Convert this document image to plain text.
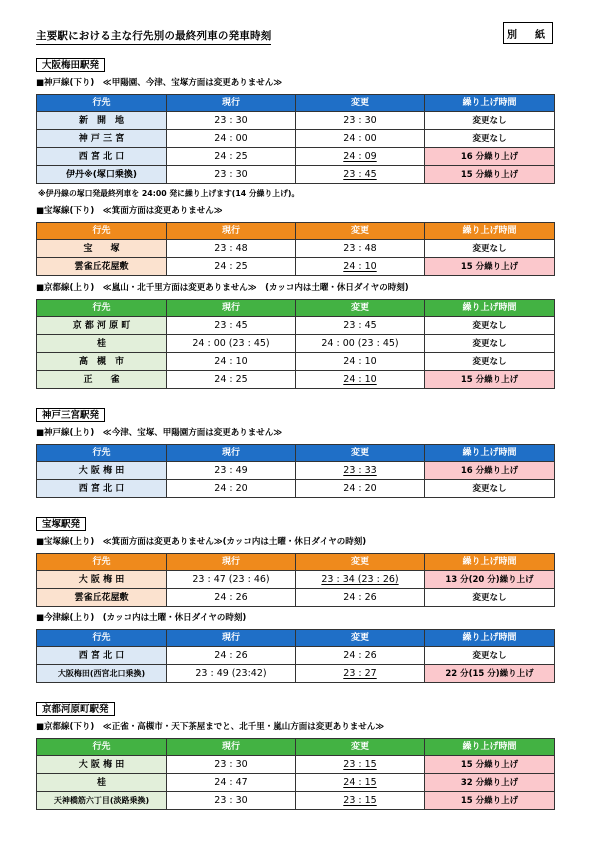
主要駅における主な行先別の最終列車の発車時刻	別　紙
大阪梅田駅発
■神戸線(下り)　≪甲陽園、今津、宝塚方面は変更ありません≫
行先	現行	変更	繰り上げ時間
新　開　地	23 : 30	23 : 30	変更なし
神 戸 三 宮	24 : 00	24 : 00	変更なし
西 宮 北 口	24 : 25	24 : 09	16 分繰り上げ
伊丹※(塚口乗換)	23 : 30	23 : 45	15 分繰り上げ
※伊丹線の塚口発最終列車を 24:00 発に繰り上げます(14 分繰り上げ)。
■宝塚線(下り)　≪箕面方面は変更ありません≫
行先	現行	変更	繰り上げ時間
宝　　塚	23 : 48	23 : 48	変更なし
雲雀丘花屋敷	24 : 25	24 : 10	15 分繰り上げ
■京都線(上り)　≪嵐山・北千里方面は変更ありません≫　(カッコ内は土曜・休日ダイヤの時刻)
行先	現行	変更	繰り上げ時間
京 都 河 原 町	23 : 45	23 : 45	変更なし
桂	24 : 00 (23 : 45)	24 : 00 (23 : 45)	変更なし
高　槻　市	24 : 10	24 : 10	変更なし
正　　雀	24 : 25	24 : 10	15 分繰り上げ
神戸三宮駅発
■神戸線(上り)　≪今津、宝塚、甲陽園方面は変更ありません≫
行先	現行	変更	繰り上げ時間
大 阪 梅 田	23 : 49	23 : 33	16 分繰り上げ
西 宮 北 口	24 : 20	24 : 20	変更なし
宝塚駅発
■宝塚線(上り)　≪箕面方面は変更ありません≫(カッコ内は土曜・休日ダイヤの時刻)
行先	現行	変更	繰り上げ時間
大 阪 梅 田	23 : 47 (23 : 46)	23 : 34 (23 : 26)	13 分(20 分)繰り上げ
雲雀丘花屋敷	24 : 26	24 : 26	変更なし
■今津線(上り)　(カッコ内は土曜・休日ダイヤの時刻)
行先	現行	変更	繰り上げ時間
西 宮 北 口	24 : 26	24 : 26	変更なし
大阪梅田(西宮北口乗換)	23 : 49 (23:42)	23 : 27	22 分(15 分)繰り上げ
京都河原町駅発
■京都線(下り)　≪正雀・高槻市・天下茶屋までと、北千里・嵐山方面は変更ありません≫
行先	現行	変更	繰り上げ時間
大 阪 梅 田	23 : 30	23 : 15	15 分繰り上げ
桂	24 : 47	24 : 15	32 分繰り上げ
天神橋筋六丁目(淡路乗換)	23 : 30	23 : 15	15 分繰り上げ
